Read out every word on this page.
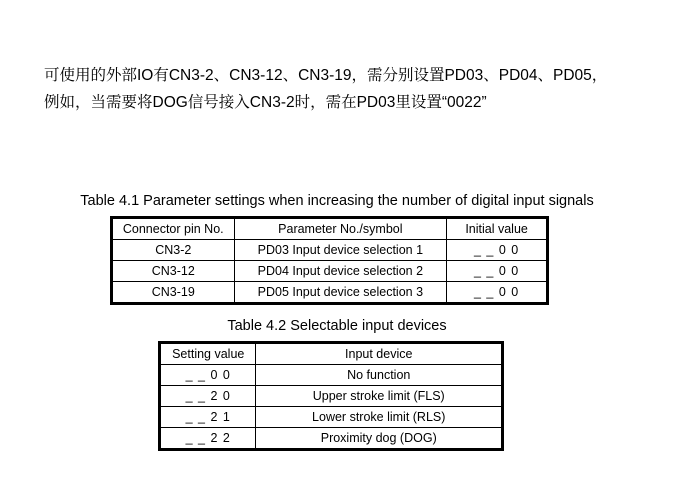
可使用的外部IO有CN3-2、CN3-12、CN3-19，需分别设置PD03、PD04、PD05，
例如，当需要将DOG信号接入CN3-2时，需在PD03里设置“0022”
Table 4.1 Parameter settings when increasing the number of digital input signals
Connector pin No.	Parameter No./symbol	Initial value
CN3-2	PD03 Input device selection 1	_ _ 0 0
CN3-12	PD04 Input device selection 2	_ _ 0 0
CN3-19	PD05 Input device selection 3	_ _ 0 0
Table 4.2 Selectable input devices
Setting value	Input device
_ _ 0 0	No function
_ _ 2 0	Upper stroke limit (FLS)
_ _ 2 1	Lower stroke limit (RLS)
_ _ 2 2	Proximity dog (DOG)
